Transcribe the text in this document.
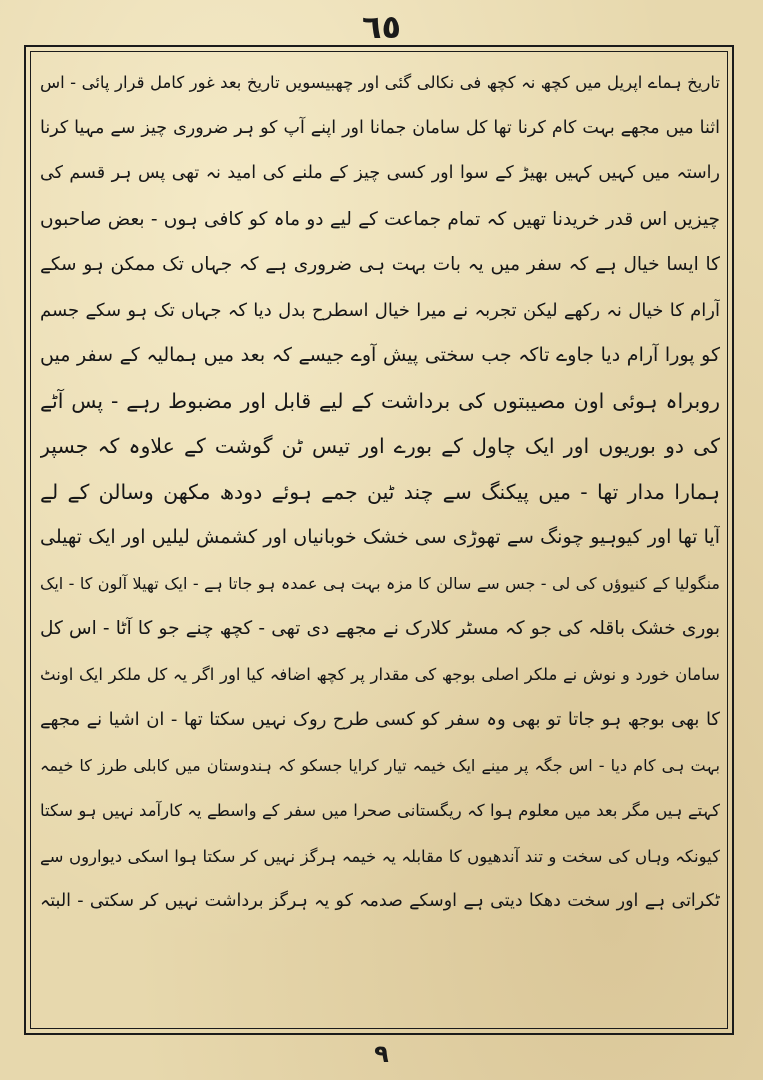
٦٥
تاریخ ہماے اپریل میں کچھ نہ کچھ فی نکالی گئی اور چھبیسویں تاریخ بعد غور کامل قرار پائی - اس
اثنا میں مجھے بہت کام کرنا تھا کل سامان جمانا اور اپنے آپ کو ہر ضروری چیز سے مہیا کرنا
راستہ میں کہیں کہیں بھیڑ کے سوا اور کسی چیز کے ملنے کی امید نہ تھی پس ہر قسم کی
چیزیں اس قدر خریدنا تھیں کہ تمام جماعت کے لیے دو ماہ کو کافی ہوں - بعض صاحبوں
کا ایسا خیال ہے کہ سفر میں یہ بات بہت ہی ضروری ہے کہ جہاں تک ممکن ہو سکے
آرام کا خیال نہ رکھے لیکن تجربہ نے میرا خیال اسطرح بدل دیا کہ جہاں تک ہو سکے جسم
کو پورا آرام دیا جاوے تاکہ جب سختی پیش آوے جیسے کہ بعد میں ہمالیہ کے سفر میں
روبراہ ہوئی اون مصیبتوں کی برداشت کے لیے قابل اور مضبوط رہے - پس آٹے
کی دو بوریوں اور ایک چاول کے بورے اور تیس ٹن گوشت کے علاوہ کہ جسپر
ہمارا مدار تھا - میں پیکنگ سے چند ٹین جمے ہوئے دودھ مکھن وسالن کے لے
آیا تھا اور کیوہیو چونگ سے تھوڑی سی خشک خوبانیاں اور کشمش لیلیں اور ایک تھیلی
منگولیا کے کنیوؤں کی لی - جس سے سالن کا مزہ بہت ہی عمدہ ہو جاتا ہے - ایک تھیلا آلون کا - ایک
بوری خشک باقلہ کی جو کہ مسٹر کلارک نے مجھے دی تھی - کچھ چنے جو کا آٹا - اس کل
سامان خورد و نوش نے ملکر اصلی بوجھ کی مقدار پر کچھ اضافہ کیا اور اگر یہ کل ملکر ایک اونٹ
کا بھی بوجھ ہو جاتا تو بھی وہ سفر کو کسی طرح روک نہیں سکتا تھا - ان اشیا نے مجھے
بہت ہی کام دیا - اس جگہ پر مینے ایک خیمہ تیار کرایا جسکو کہ ہندوستان میں کابلی طرز کا خیمہ
کہتے ہیں مگر بعد میں معلوم ہوا کہ ریگستانی صحرا میں سفر کے واسطے یہ کارآمد نہیں ہو سکتا
کیونکہ وہاں کی سخت و تند آندھیوں کا مقابلہ یہ خیمہ ہرگز نہیں کر سکتا ہوا اسکی دیواروں سے
ٹکراتی ہے اور سخت دھکا دیتی ہے اوسکے صدمہ کو یہ ہرگز برداشت نہیں کر سکتی - البتہ
٩
